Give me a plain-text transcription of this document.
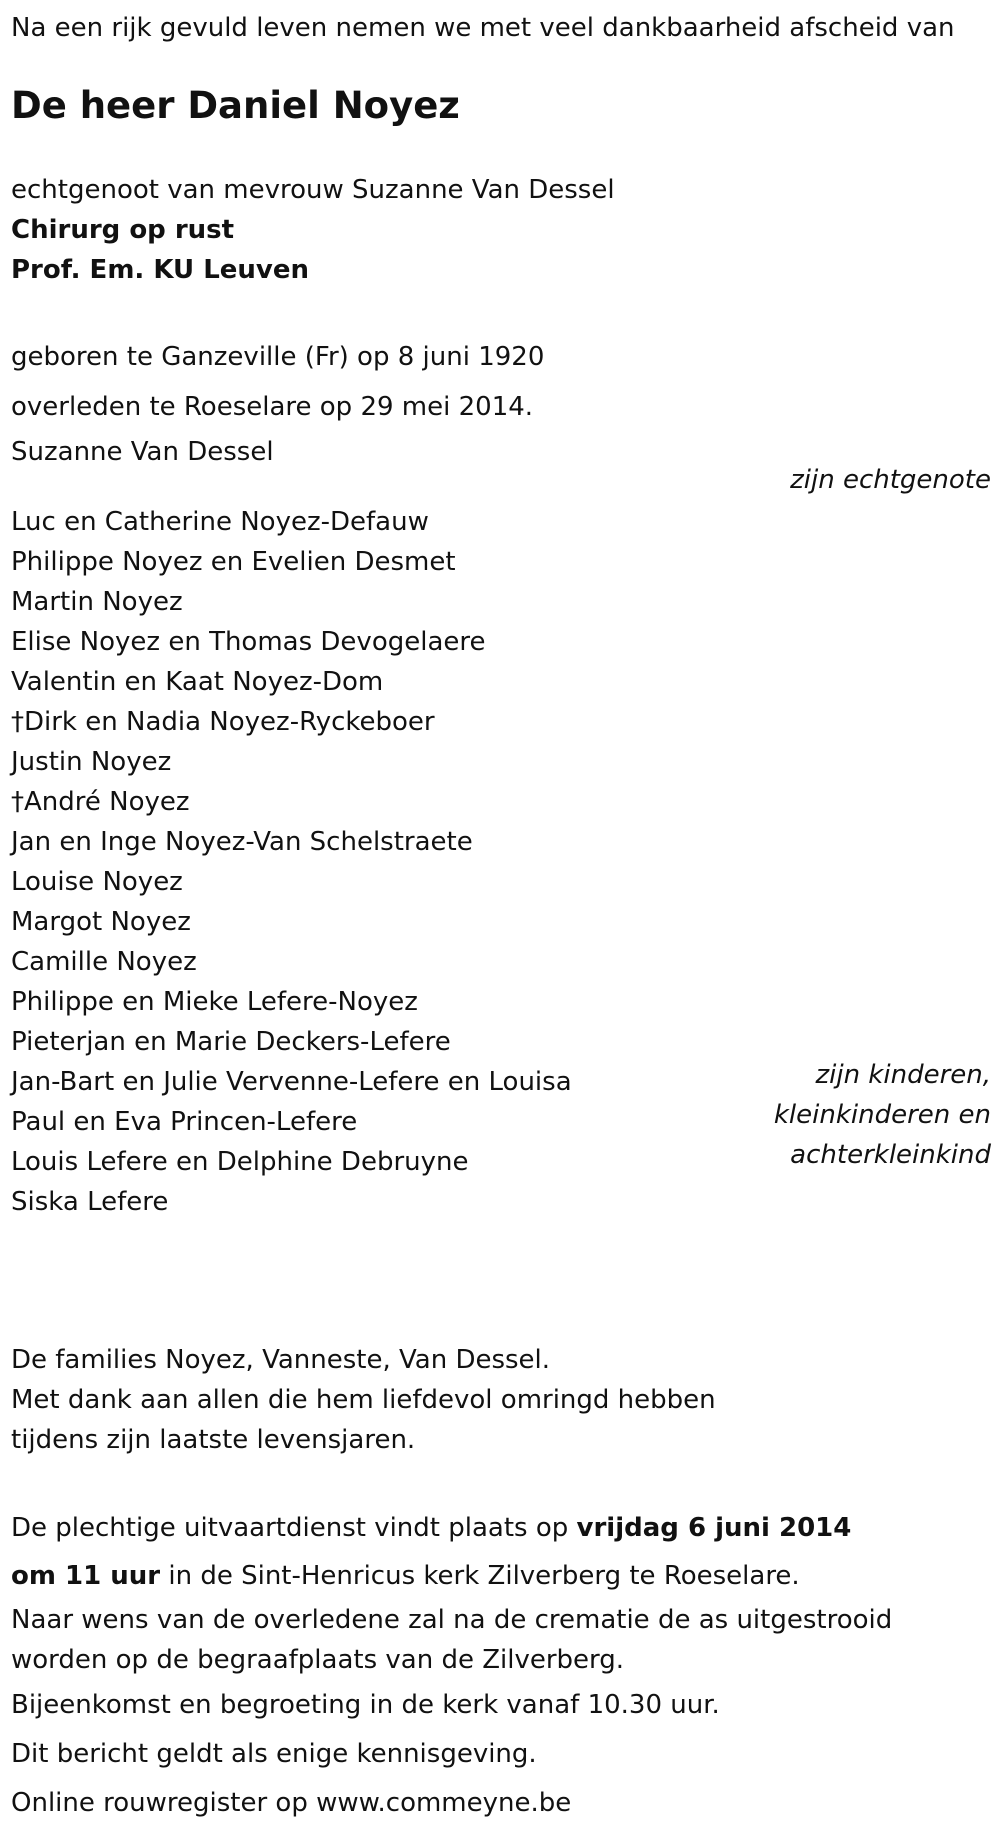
Na een rijk gevuld leven nemen we met veel dankbaarheid afscheid van
De heer Daniel Noyez
echtgenoot van mevrouw Suzanne Van Dessel
Chirurg op rust
Prof. Em. KU Leuven
geboren te Ganzeville (Fr) op 8 juni 1920
overleden te Roeselare op 29 mei 2014.
Suzanne Van Dessel
Luc en Catherine Noyez-Defauw
Philippe Noyez en Evelien Desmet
Martin Noyez
Elise Noyez en Thomas Devogelaere
Valentin en Kaat Noyez-Dom
†Dirk en Nadia Noyez-Ryckeboer
Justin Noyez
†André Noyez
Jan en Inge Noyez-Van Schelstraete
Louise Noyez
Margot Noyez
Camille Noyez
Philippe en Mieke Lefere-Noyez
Pieterjan en Marie Deckers-Lefere
Jan-Bart en Julie Vervenne-Lefere en Louisa
Paul en Eva Princen-Lefere
Louis Lefere en Delphine Debruyne
Siska Lefere
De families Noyez, Vanneste, Van Dessel.
Met dank aan allen die hem liefdevol omringd hebben
tijdens zijn laatste levensjaren.
De plechtige uitvaartdienst vindt plaats op vrijdag 6 juni 2014
om 11 uur in de Sint-Henricus kerk Zilverberg te Roeselare.
Naar wens van de overledene zal na de crematie de as uitgestrooid
worden op de begraafplaats van de Zilverberg.
Bijeenkomst en begroeting in de kerk vanaf 10.30 uur.
Dit bericht geldt als enige kennisgeving.
Online rouwregister op www.commeyne.be
zijn echtgenote
zijn kinderen,
kleinkinderen en
achterkleinkind
